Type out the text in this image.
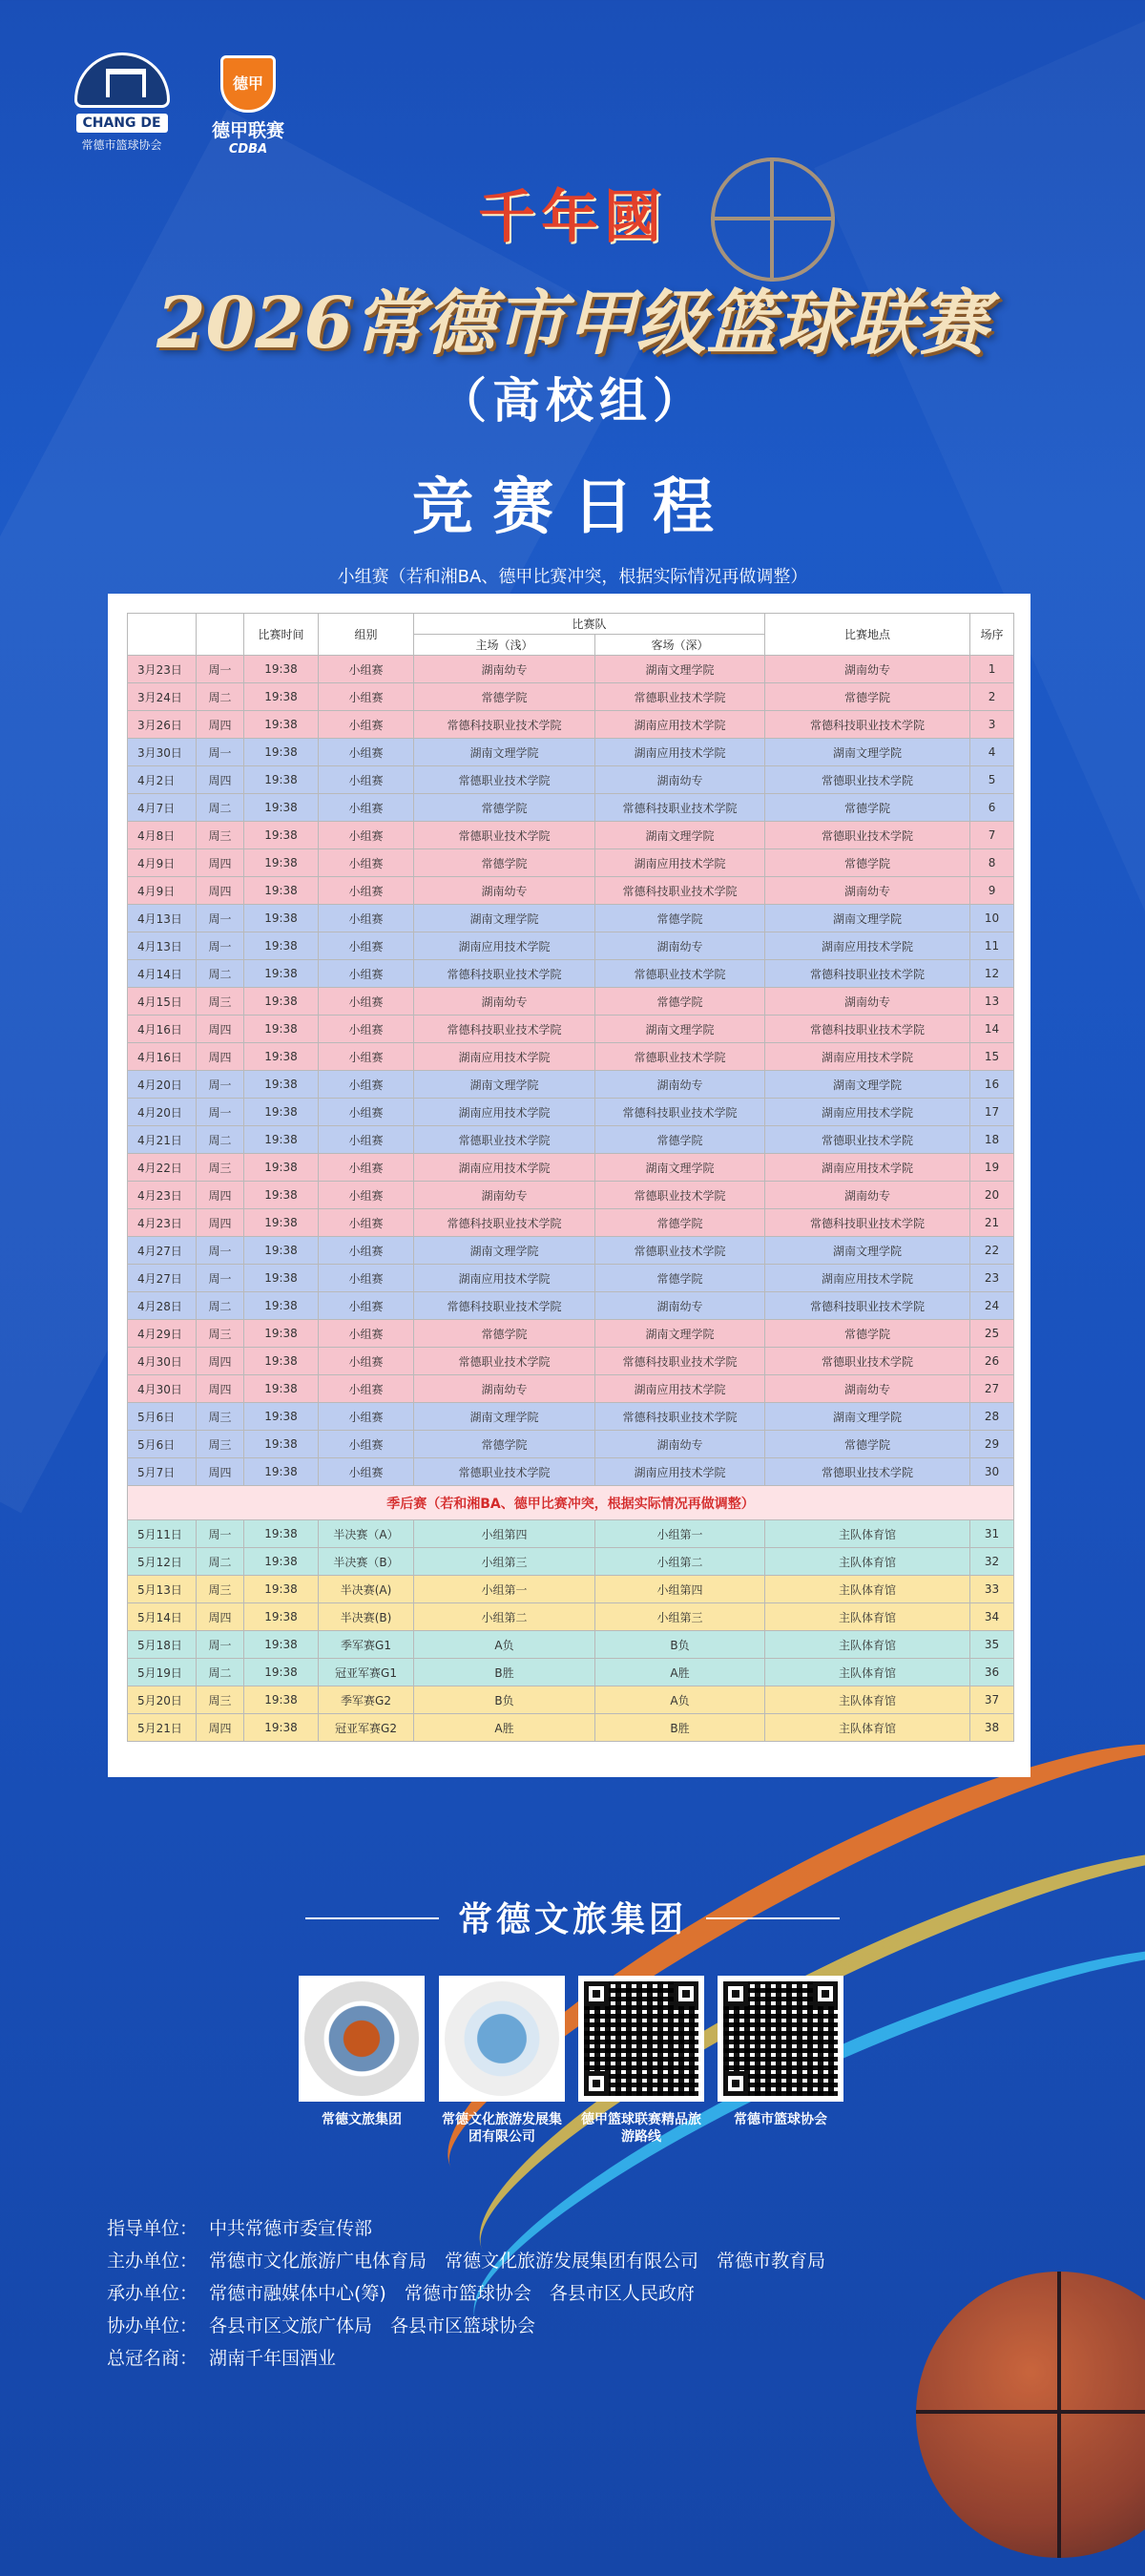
CHANG DE
常德市篮球协会
德甲
德甲联赛
CDBA
千年國
2026常德市甲级篮球联赛
（高校组）
竞赛日程
小组赛（若和湘BA、德甲比赛冲突，根据实际情况再做调整）
		比赛时间	组别	比赛队		比赛地点	场序
				主场（浅）	客场（深）		
3月23日	周一	19:38	小组赛	湖南幼专	湖南文理学院	湖南幼专	1
3月24日	周二	19:38	小组赛	常德学院	常德职业技术学院	常德学院	2
3月26日	周四	19:38	小组赛	常德科技职业技术学院	湖南应用技术学院	常德科技职业技术学院	3
3月30日	周一	19:38	小组赛	湖南文理学院	湖南应用技术学院	湖南文理学院	4
4月2日	周四	19:38	小组赛	常德职业技术学院	湖南幼专	常德职业技术学院	5
4月7日	周二	19:38	小组赛	常德学院	常德科技职业技术学院	常德学院	6
4月8日	周三	19:38	小组赛	常德职业技术学院	湖南文理学院	常德职业技术学院	7
4月9日	周四	19:38	小组赛	常德学院	湖南应用技术学院	常德学院	8
4月9日	周四	19:38	小组赛	湖南幼专	常德科技职业技术学院	湖南幼专	9
4月13日	周一	19:38	小组赛	湖南文理学院	常德学院	湖南文理学院	10
4月13日	周一	19:38	小组赛	湖南应用技术学院	湖南幼专	湖南应用技术学院	11
4月14日	周二	19:38	小组赛	常德科技职业技术学院	常德职业技术学院	常德科技职业技术学院	12
4月15日	周三	19:38	小组赛	湖南幼专	常德学院	湖南幼专	13
4月16日	周四	19:38	小组赛	常德科技职业技术学院	湖南文理学院	常德科技职业技术学院	14
4月16日	周四	19:38	小组赛	湖南应用技术学院	常德职业技术学院	湖南应用技术学院	15
4月20日	周一	19:38	小组赛	湖南文理学院	湖南幼专	湖南文理学院	16
4月20日	周一	19:38	小组赛	湖南应用技术学院	常德科技职业技术学院	湖南应用技术学院	17
4月21日	周二	19:38	小组赛	常德职业技术学院	常德学院	常德职业技术学院	18
4月22日	周三	19:38	小组赛	湖南应用技术学院	湖南文理学院	湖南应用技术学院	19
4月23日	周四	19:38	小组赛	湖南幼专	常德职业技术学院	湖南幼专	20
4月23日	周四	19:38	小组赛	常德科技职业技术学院	常德学院	常德科技职业技术学院	21
4月27日	周一	19:38	小组赛	湖南文理学院	常德职业技术学院	湖南文理学院	22
4月27日	周一	19:38	小组赛	湖南应用技术学院	常德学院	湖南应用技术学院	23
4月28日	周二	19:38	小组赛	常德科技职业技术学院	湖南幼专	常德科技职业技术学院	24
4月29日	周三	19:38	小组赛	常德学院	湖南文理学院	常德学院	25
4月30日	周四	19:38	小组赛	常德职业技术学院	常德科技职业技术学院	常德职业技术学院	26
4月30日	周四	19:38	小组赛	湖南幼专	湖南应用技术学院	湖南幼专	27
5月6日	周三	19:38	小组赛	湖南文理学院	常德科技职业技术学院	湖南文理学院	28
5月6日	周三	19:38	小组赛	常德学院	湖南幼专	常德学院	29
5月7日	周四	19:38	小组赛	常德职业技术学院	湖南应用技术学院	常德职业技术学院	30
季后赛（若和湘BA、德甲比赛冲突，根据实际情况再做调整）							
5月11日	周一	19:38	半决赛（A）	小组第四	小组第一	主队体育馆	31
5月12日	周二	19:38	半决赛（B）	小组第三	小组第二	主队体育馆	32
5月13日	周三	19:38	半决赛(A)	小组第一	小组第四	主队体育馆	33
5月14日	周四	19:38	半决赛(B)	小组第二	小组第三	主队体育馆	34
5月18日	周一	19:38	季军赛G1	A负	B负	主队体育馆	35
5月19日	周二	19:38	冠亚军赛G1	B胜	A胜	主队体育馆	36
5月20日	周三	19:38	季军赛G2	B负	A负	主队体育馆	37
5月21日	周四	19:38	冠亚军赛G2	A胜	B胜	主队体育馆	38
常德文旅集团
常德文旅集团	常德文化旅游发展集团有限公司
德甲篮球联赛精品旅游路线
常德市篮球协会
指导单位： 中共常德市委宣传部
主办单位： 常德市文化旅游广电体育局　常德文化旅游发展集团有限公司　常德市教育局
承办单位： 常德市融媒体中心(筹)　常德市篮球协会　各县市区人民政府
协办单位： 各县市区文旅广体局　各县市区篮球协会
总冠名商： 湖南千年国酒业
